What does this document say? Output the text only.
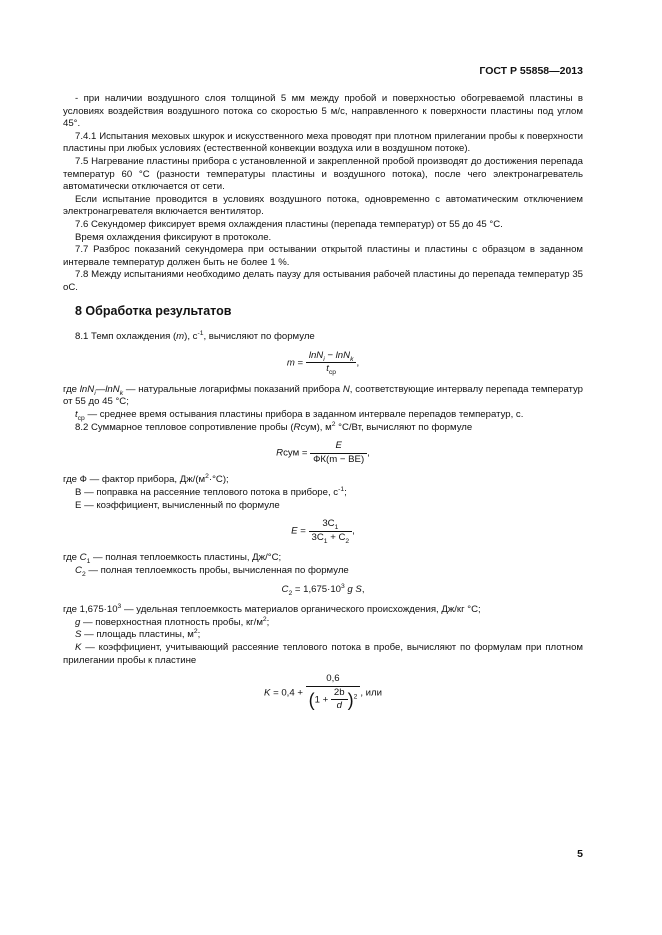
ГОСТ Р 55858—2013

- при наличии воздушного слоя толщиной 5 мм между пробой и поверхностью обогреваемой пластины в условиях воздействия воздушного потока со скоростью 5 м/с, направленного к поверхности пластины под углом 45°.

7.4.1 Испытания меховых шкурок и искусственного меха проводят при плотном прилегании пробы к поверхности пластины при любых условиях (естественной конвекции воздуха или в воздушном потоке).

7.5 Нагревание пластины прибора с установленной и закрепленной пробой производят до достижения перепада температур 60 °С (разности температуры пластины и воздушного потока), после чего электронагреватель автоматически отключается от сети.

Если испытание проводится в условиях воздушного потока, одновременно с автоматическим отключением электронагревателя включается вентилятор.

7.6 Секундомер фиксирует время охлаждения пластины (перепада температур) от 55 до 45 °С.

Время охлаждения фиксируют в протоколе.

7.7 Разброс показаний секундомера при остывании открытой пластины и пластины с образцом в заданном интервале температур должен быть не более 1 %.

7.8 Между испытаниями необходимо делать паузу для остывания рабочей пластины до перепада температур 35 оС.

8 Обработка результатов

8.1 Темп охлаждения (m), $с^{-1}$, вычисляют по формуле

$m = \frac{\ln N_i - \ln N_k}{t_{ср}}$ ,

где lnN$_i$—lnN$_k$ — натуральные логарифмы показаний прибора N, соответствующие интервалу перепада температур от 55 до 45 °С;

$t_{ср}$ — среднее время остывания пластины прибора в заданном интервале перепадов температур, с.

8.2 Суммарное тепловое сопротивление пробы (Rсум), $м^2$ °С/Вт, вычисляют по формуле

Rсум = $\frac{E}{ФК(m - BE)}$ ,

где Ф — фактор прибора, $Дж/(м^2\cdot^\circ С)$;

В — поправка на рассеяние теплового потока в приборе, $с^{-1}$;

Е — коэффициент, вычисленный по формуле

$E = \frac{3C_1}{3C_1 + C_2}$ ,

где $C_1$ — полная теплоемкость пластины, Дж/°С;

$C_2$ — полная теплоемкость пробы, вычисленная по формуле

$C_2 = 1,675\cdot 10^3$ g S,

где $1,675\cdot 10^3$ — удельная теплоемкость материалов органического происхождения, Дж/кг °С;

g — поверхностная плотность пробы, $кг/м^2$;

S — площадь пластины, $м^2$;

K — коэффициент, учитывающий рассеяние теплового потока в пробе, вычисляют по формулам при плотном прилегании пробы к пластине

$K = 0,4 + \frac{0,6}{(1 + \frac{2b}{d} )^2}$ , или
5
